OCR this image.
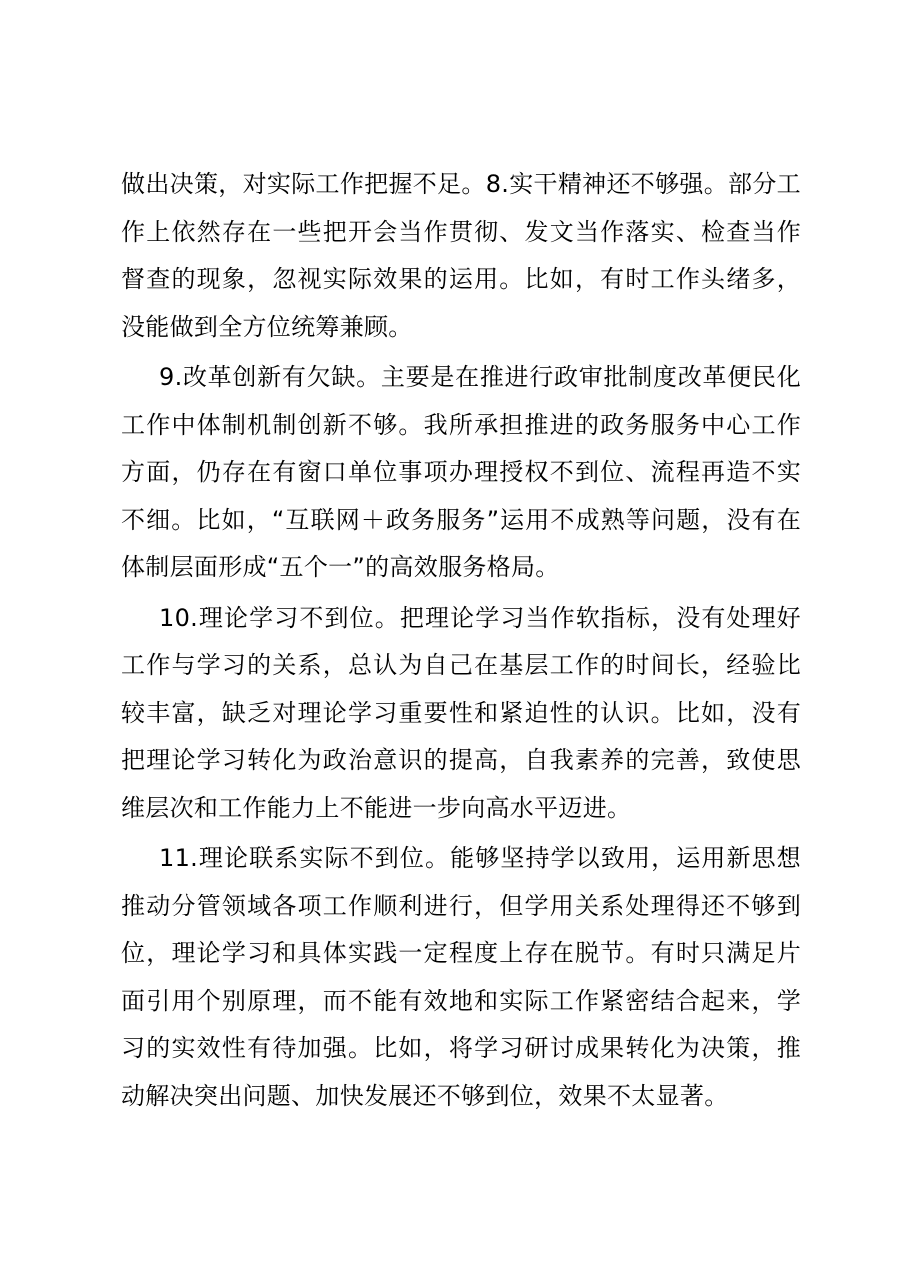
做出决策，对实际工作把握不足。8.实干精神还不够强。部分工作上依然存在一些把开会当作贯彻、发文当作落实、检查当作督查的现象，忽视实际效果的运用。比如，有时工作头绪多，没能做到全方位统筹兼顾。

9.改革创新有欠缺。主要是在推进行政审批制度改革便民化工作中体制机制创新不够。我所承担推进的政务服务中心工作方面，仍存在有窗口单位事项办理授权不到位、流程再造不实不细。比如，“互联网＋政务服务”运用不成熟等问题，没有在体制层面形成“五个一”的高效服务格局。

10.理论学习不到位。把理论学习当作软指标，没有处理好工作与学习的关系，总认为自己在基层工作的时间长，经验比较丰富，缺乏对理论学习重要性和紧迫性的认识。比如，没有把理论学习转化为政治意识的提高，自我素养的完善，致使思维层次和工作能力上不能进一步向高水平迈进。

11.理论联系实际不到位。能够坚持学以致用，运用新思想推动分管领域各项工作顺利进行，但学用关系处理得还不够到位，理论学习和具体实践一定程度上存在脱节。有时只满足片面引用个别原理，而不能有效地和实际工作紧密结合起来，学习的实效性有待加强。比如，将学习研讨成果转化为决策，推动解决突出问题、加快发展还不够到位，效果不太显著。
